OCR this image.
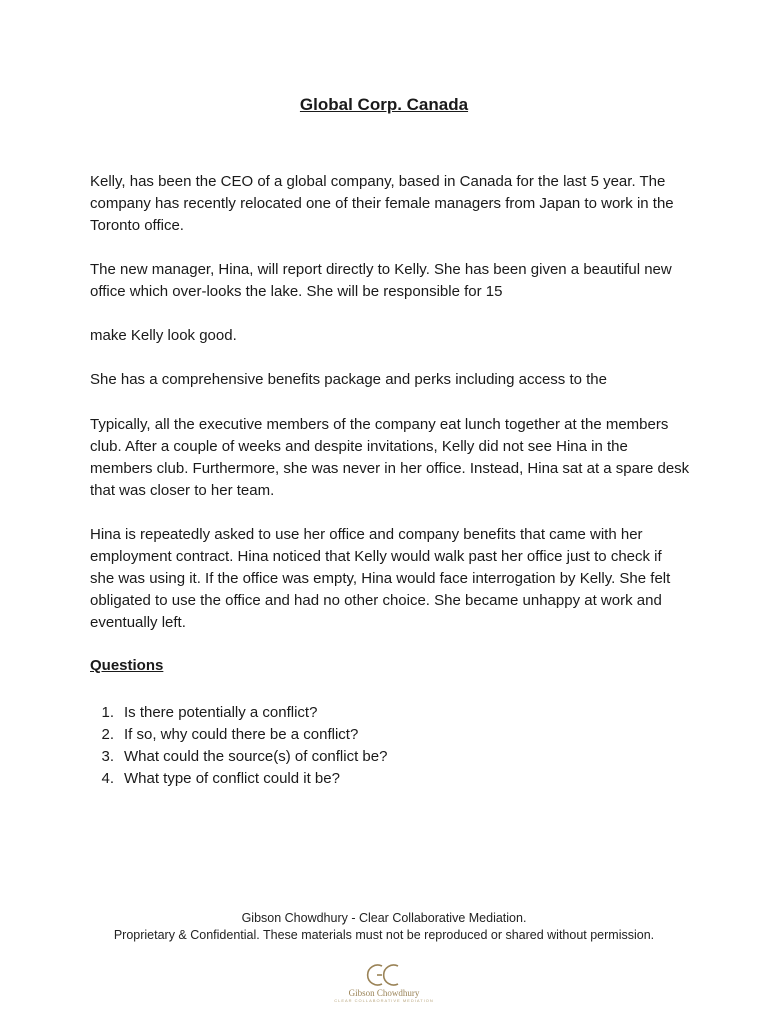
Global Corp. Canada

Kelly, has been the CEO of a global company, based in Canada for the last 5 year. The company has recently relocated one of their female managers from Japan to work in the Toronto office.

The new manager, Hina, will report directly to Kelly. She has been given a beautiful new office which over-looks the lake. She will be responsible for 15

make Kelly look good.

She has a comprehensive benefits package and perks including access to the

Typically, all the executive members of the company eat lunch together at the members club. After a couple of weeks and despite invitations, Kelly did not see Hina in the members club. Furthermore, she was never in her office. Instead, Hina sat at a spare desk that was closer to her team.

Hina is repeatedly asked to use her office and company benefits that came with her employment contract. Hina noticed that Kelly would walk past her office just to check if she was using it. If the office was empty, Hina would face interrogation by Kelly. She felt obligated to use the office and had no other choice. She became unhappy at work and eventually left.

Questions
1. Is there potentially a conflict?
2. If so, why could there be a conflict?
3. What could the source(s) of conflict be?
4. What type of conflict could it be?
Gibson Chowdhury - Clear Collaborative Mediation.
Proprietary & Confidential. These materials must not be reproduced or shared without permission.
Gibson Chowdhury
CLEAR COLLABORATIVE MEDIATION
